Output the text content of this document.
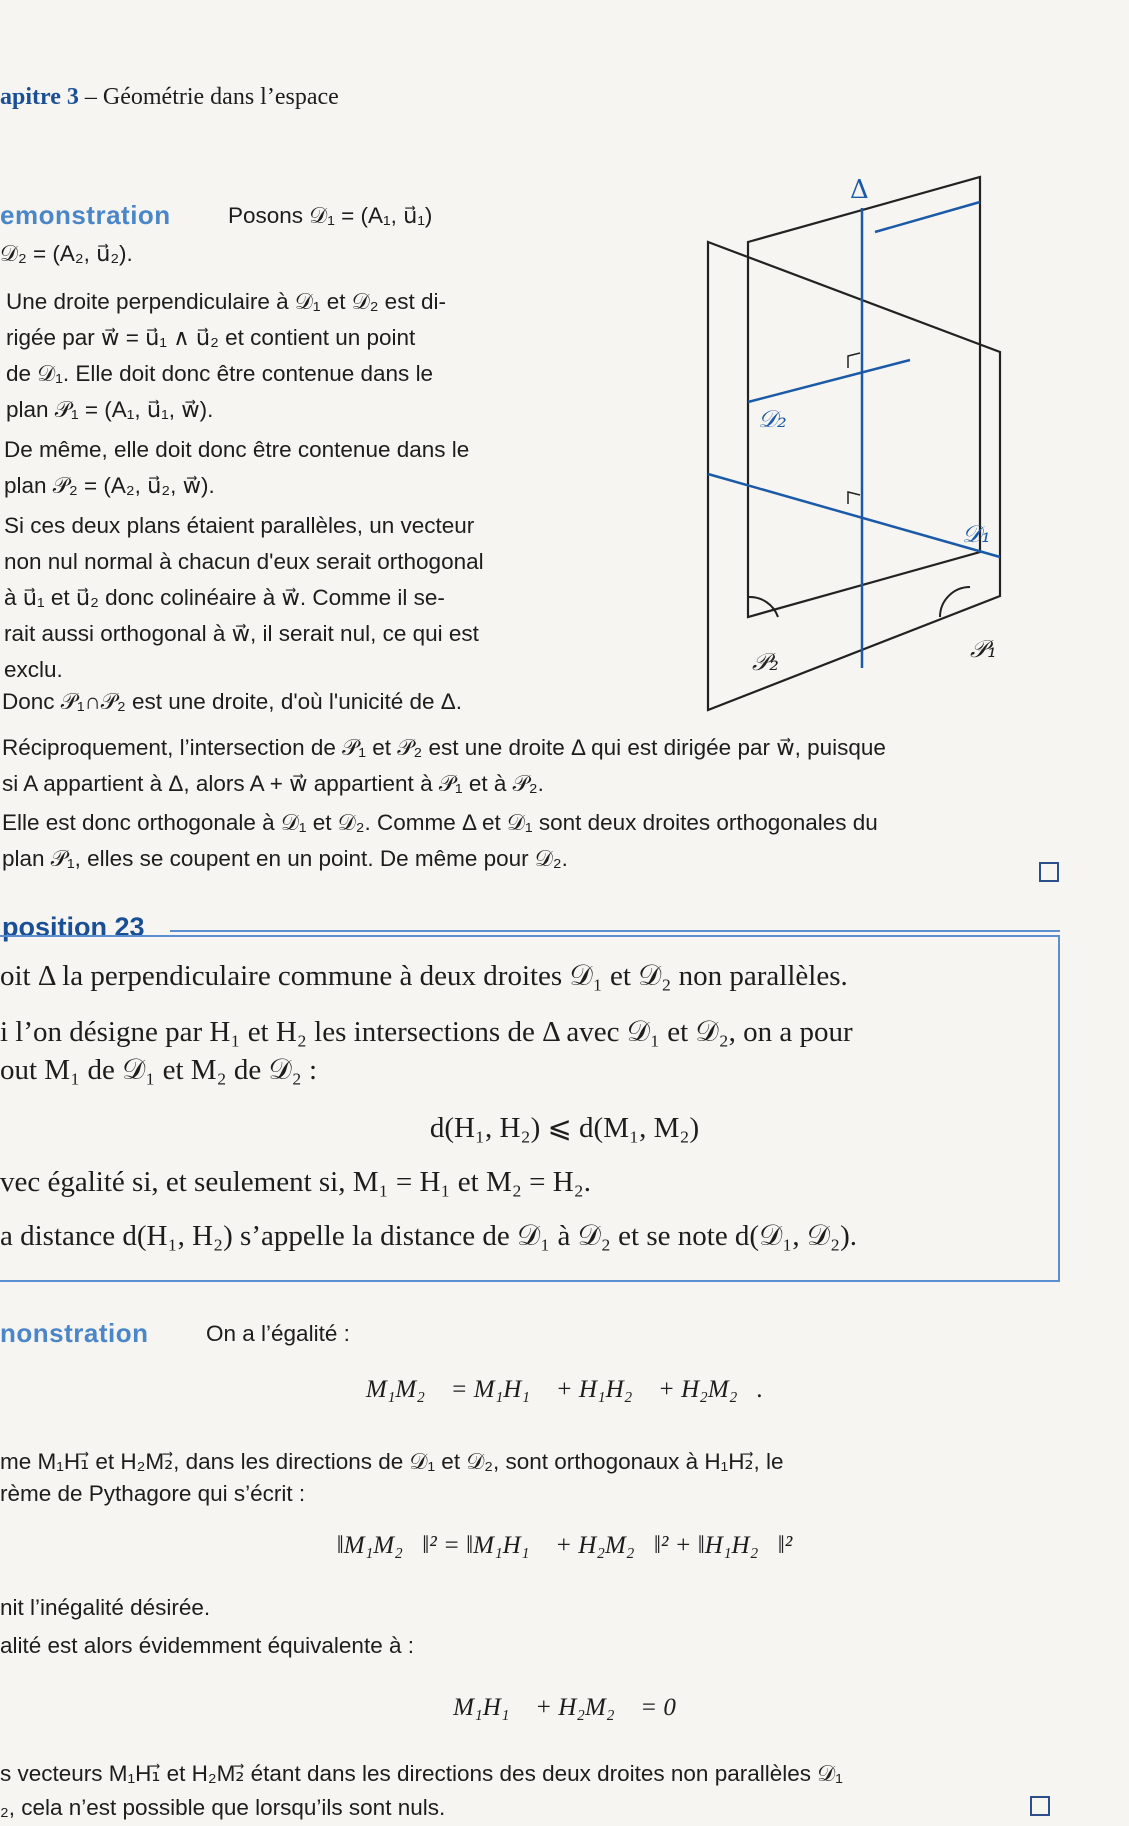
apitre 3 – Géométrie dans l’espace
emonstration	Posons 𝒟₁ = (A₁, u⃗₁)
𝒟₂ = (A₂, u⃗₂).
Une droite perpendiculaire à 𝒟₁ et 𝒟₂ est di-
rigée par w⃗ = u⃗₁ ∧ u⃗₂ et contient un point
de 𝒟₁. Elle doit donc être contenue dans le
plan 𝒫₁ = (A₁, u⃗₁, w⃗).
De même, elle doit donc être contenue dans le
plan 𝒫₂ = (A₂, u⃗₂, w⃗).
Si ces deux plans étaient parallèles, un vecteur
non nul normal à chacun d'eux serait orthogonal
à u⃗₁ et u⃗₂ donc colinéaire à w⃗. Comme il se-
rait aussi orthogonal à w⃗, il serait nul, ce qui est
exclu.
Donc 𝒫₁∩𝒫₂ est une droite, d'où l'unicité de Δ.
Réciproquement, l’intersection de 𝒫₁ et 𝒫₂ est une droite Δ qui est dirigée par w⃗, puisque
si A appartient à Δ, alors A + w⃗ appartient à 𝒫₁ et à 𝒫₂.
Elle est donc orthogonale à 𝒟₁ et 𝒟₂. Comme Δ et 𝒟₁ sont deux droites orthogonales du
plan 𝒫₁, elles se coupent en un point. De même pour 𝒟₂.
Δ
𝒟₂
𝒟₁
𝒫₁
𝒫₂
position 23
oit Δ la perpendiculaire commune à deux droites 𝒟₁ et 𝒟₂ non parallèles.
i l’on désigne par H₁ et H₂ les intersections de Δ avec 𝒟₁ et 𝒟₂, on a pour
out M₁ de 𝒟₁ et M₂ de 𝒟₂ :
d(H₁, H₂) ⩽ d(M₁, M₂)
vec égalité si, et seulement si, M₁ = H₁ et M₂ = H₂.
a distance d(H₁, H₂) s’appelle la distance de 𝒟₁ à 𝒟₂ et se note d(𝒟₁, 𝒟₂).
nonstration	On a l’égalité :
M₁M₂⃗ = M₁H₁⃗ + H₁H₂⃗ + H₂M₂⃗.
me M₁H₁⃗ et H₂M₂⃗, dans les directions de 𝒟₁ et 𝒟₂, sont orthogonaux à H₁H₂⃗, le
rème de Pythagore qui s’écrit :
‖M₁M₂⃗‖² = ‖M₁H₁⃗ + H₂M₂⃗‖² + ‖H₁H₂⃗‖²
nit l’inégalité désirée.
alité est alors évidemment équivalente à :
M₁H₁⃗ + H₂M₂⃗ = 0
s vecteurs M₁H₁⃗ et H₂M₂⃗ étant dans les directions des deux droites non parallèles 𝒟₁
₂, cela n’est possible que lorsqu’ils sont nuls.
